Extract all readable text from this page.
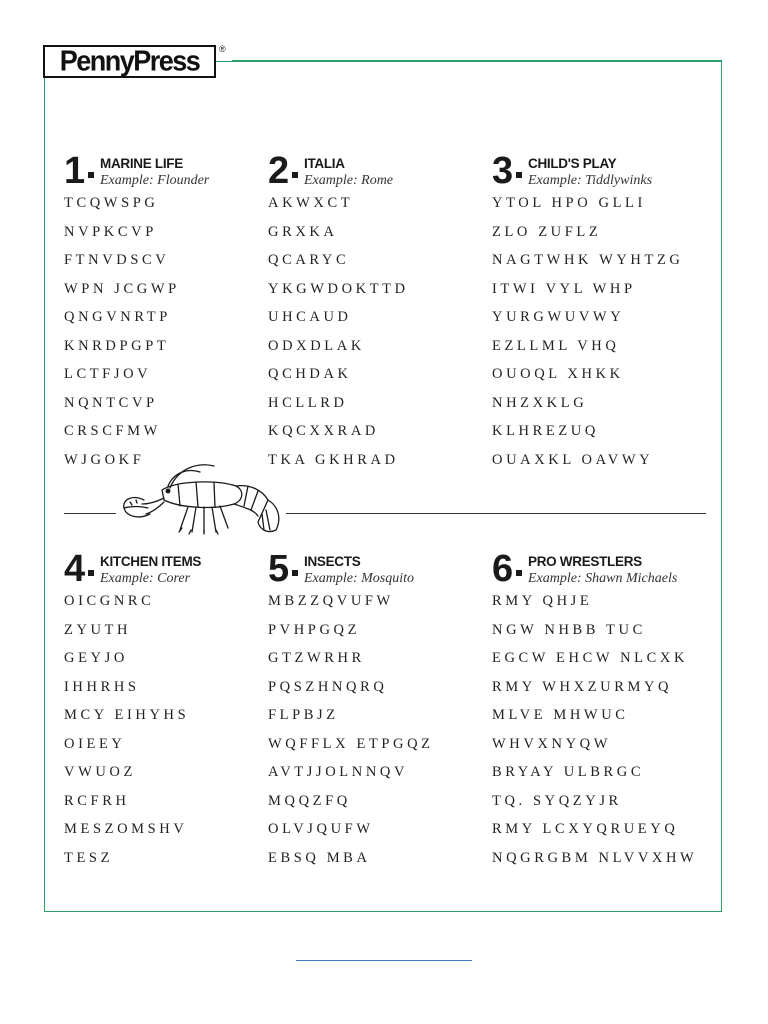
PennyPress ®
1 MARINE LIFE
Example: Flounder
TCQWSPG
NVPKCVP
FTNVDSCV
WPN JCGWP
QNGVNRTP
KNRDPGPT
LCTFJOV
NQNTCVP
CRSCFMW
WJGOKF
2 ITALIA
Example: Rome
AKWXCT
GRXKA
QCARYC
YKGWDOKTTD
UHCAUD
ODXDLAK
QCHDAK
HCLLRD
KQCXXRAD
TKA GKHRAD
3 CHILD'S PLAY
Example: Tiddlywinks
YTOL HPO GLLI
ZLO ZUFLZ
NAGTWHK WYHTZG
ITWI VYL WHP
YURGWUVWY
EZLLML VHQ
OUOQL XHKK
NHZXKLG
KLHREZUQ
OUAXKL OAVWY
4 KITCHEN ITEMS
Example: Corer
OICGNRC
ZYUTH
GEYJO
IHHRHS
MCY EIHYHS
OIEEY
VWUOZ
RCFRH
MESZOMSHV
TESZ
5 INSECTS
Example: Mosquito
MBZZQVUFW
PVHPGQZ
GTZWRHR
PQSZHNQRQ
FLPBJZ
WQFFLX ETPGQZ
AVTJJOLNNQV
MQQZFQ
OLVJQUFW
EBSQ MBA
6 PRO WRESTLERS
Example: Shawn Michaels
RMY QHJE
NGW NHBB TUC
EGCW EHCW NLCXK
RMY WHXZURMYQ
MLVE MHWUC
WHVXNYQW
BRYAY ULBRGC
TQ. SYQZYJR
RMY LCXYQRUEYQ
NQGRGBM NLVVXHW
